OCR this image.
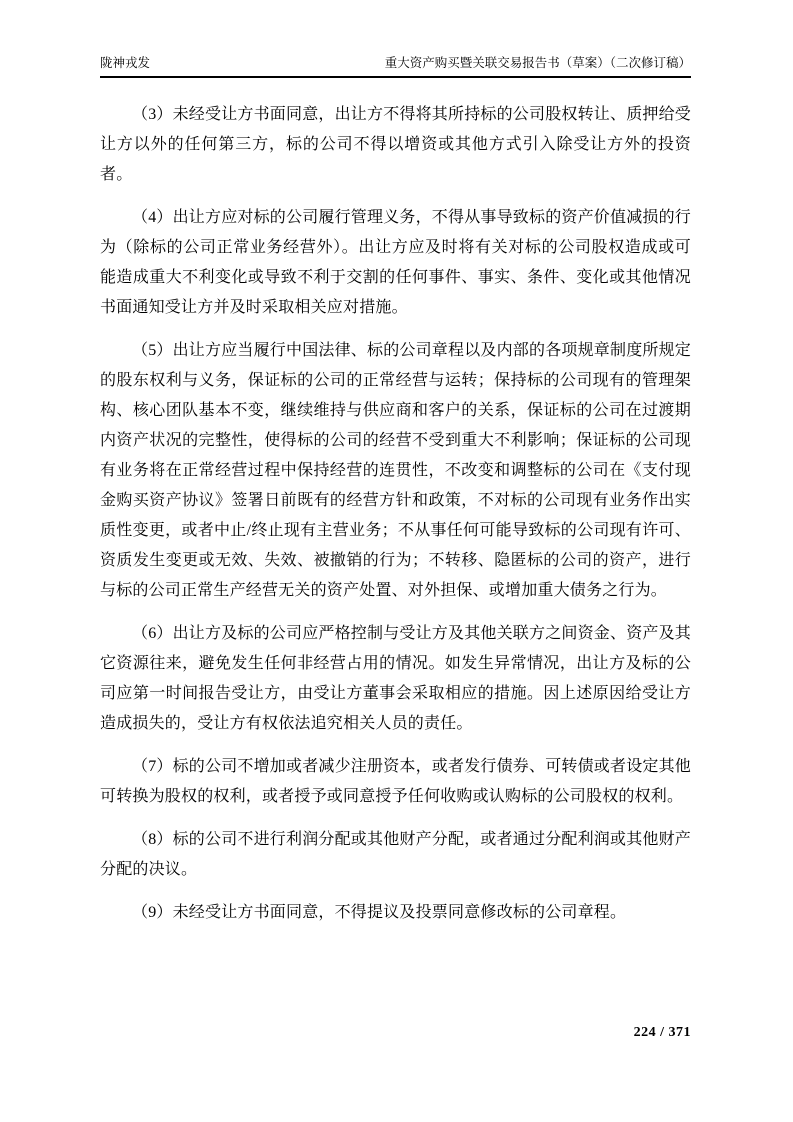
陇神戎发	重大资产购买暨关联交易报告书（草案）（二次修订稿）

（3）未经受让方书面同意，出让方不得将其所持标的公司股权转让、质押给受让方以外的任何第三方，标的公司不得以增资或其他方式引入除受让方外的投资者。

（4）出让方应对标的公司履行管理义务，不得从事导致标的资产价值减损的行为（除标的公司正常业务经营外）。出让方应及时将有关对标的公司股权造成或可能造成重大不利变化或导致不利于交割的任何事件、事实、条件、变化或其他情况书面通知受让方并及时采取相关应对措施。

（5）出让方应当履行中国法律、标的公司章程以及内部的各项规章制度所规定的股东权利与义务，保证标的公司的正常经营与运转；保持标的公司现有的管理架构、核心团队基本不变，继续维持与供应商和客户的关系，保证标的公司在过渡期内资产状况的完整性，使得标的公司的经营不受到重大不利影响；保证标的公司现有业务将在正常经营过程中保持经营的连贯性，不改变和调整标的公司在《支付现金购买资产协议》签署日前既有的经营方针和政策，不对标的公司现有业务作出实质性变更，或者中止/终止现有主营业务；不从事任何可能导致标的公司现有许可、资质发生变更或无效、失效、被撤销的行为；不转移、隐匿标的公司的资产，进行与标的公司正常生产经营无关的资产处置、对外担保、或增加重大债务之行为。

（6）出让方及标的公司应严格控制与受让方及其他关联方之间资金、资产及其它资源往来，避免发生任何非经营占用的情况。如发生异常情况，出让方及标的公司应第一时间报告受让方，由受让方董事会采取相应的措施。因上述原因给受让方造成损失的，受让方有权依法追究相关人员的责任。

（7）标的公司不增加或者减少注册资本，或者发行债券、可转债或者设定其他可转换为股权的权利，或者授予或同意授予任何收购或认购标的公司股权的权利。

（8）标的公司不进行利润分配或其他财产分配，或者通过分配利润或其他财产分配的决议。

（9）未经受让方书面同意，不得提议及投票同意修改标的公司章程。

224 / 371
